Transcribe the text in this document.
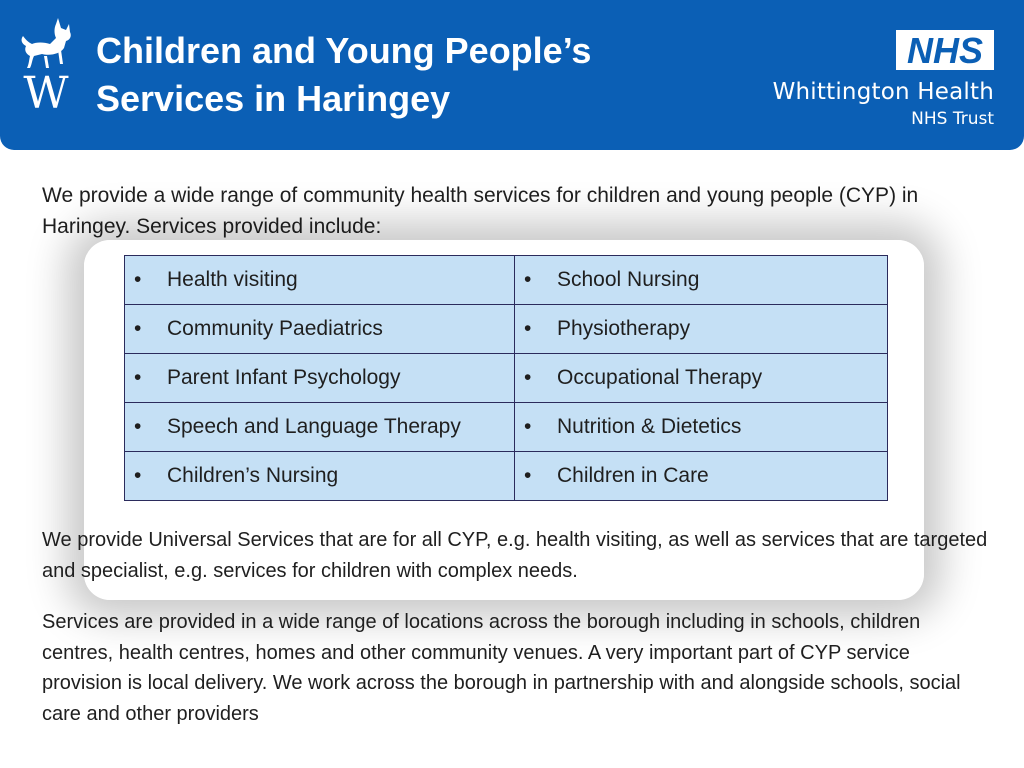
W
Children and Young People’s
Services in Haringey
NHS
Whittington Health
NHS Trust

We provide a wide range of community health services for children and young people (CYP) in Haringey. Services provided include:

• Health visiting	• School Nursing
• Community Paediatrics	• Physiotherapy
• Parent Infant Psychology	• Occupational Therapy
• Speech and Language Therapy	• Nutrition & Dietetics
• Children’s Nursing	• Children in Care

We provide Universal Services that are for all CYP, e.g. health visiting, as well as services that are targeted and specialist, e.g. services for children with complex needs.

Services are provided in a wide range of locations across the borough including in schools, children centres, health centres, homes and other community venues. A very important part of CYP service provision is local delivery. We work across the borough in partnership with and alongside schools, social care and other providers
